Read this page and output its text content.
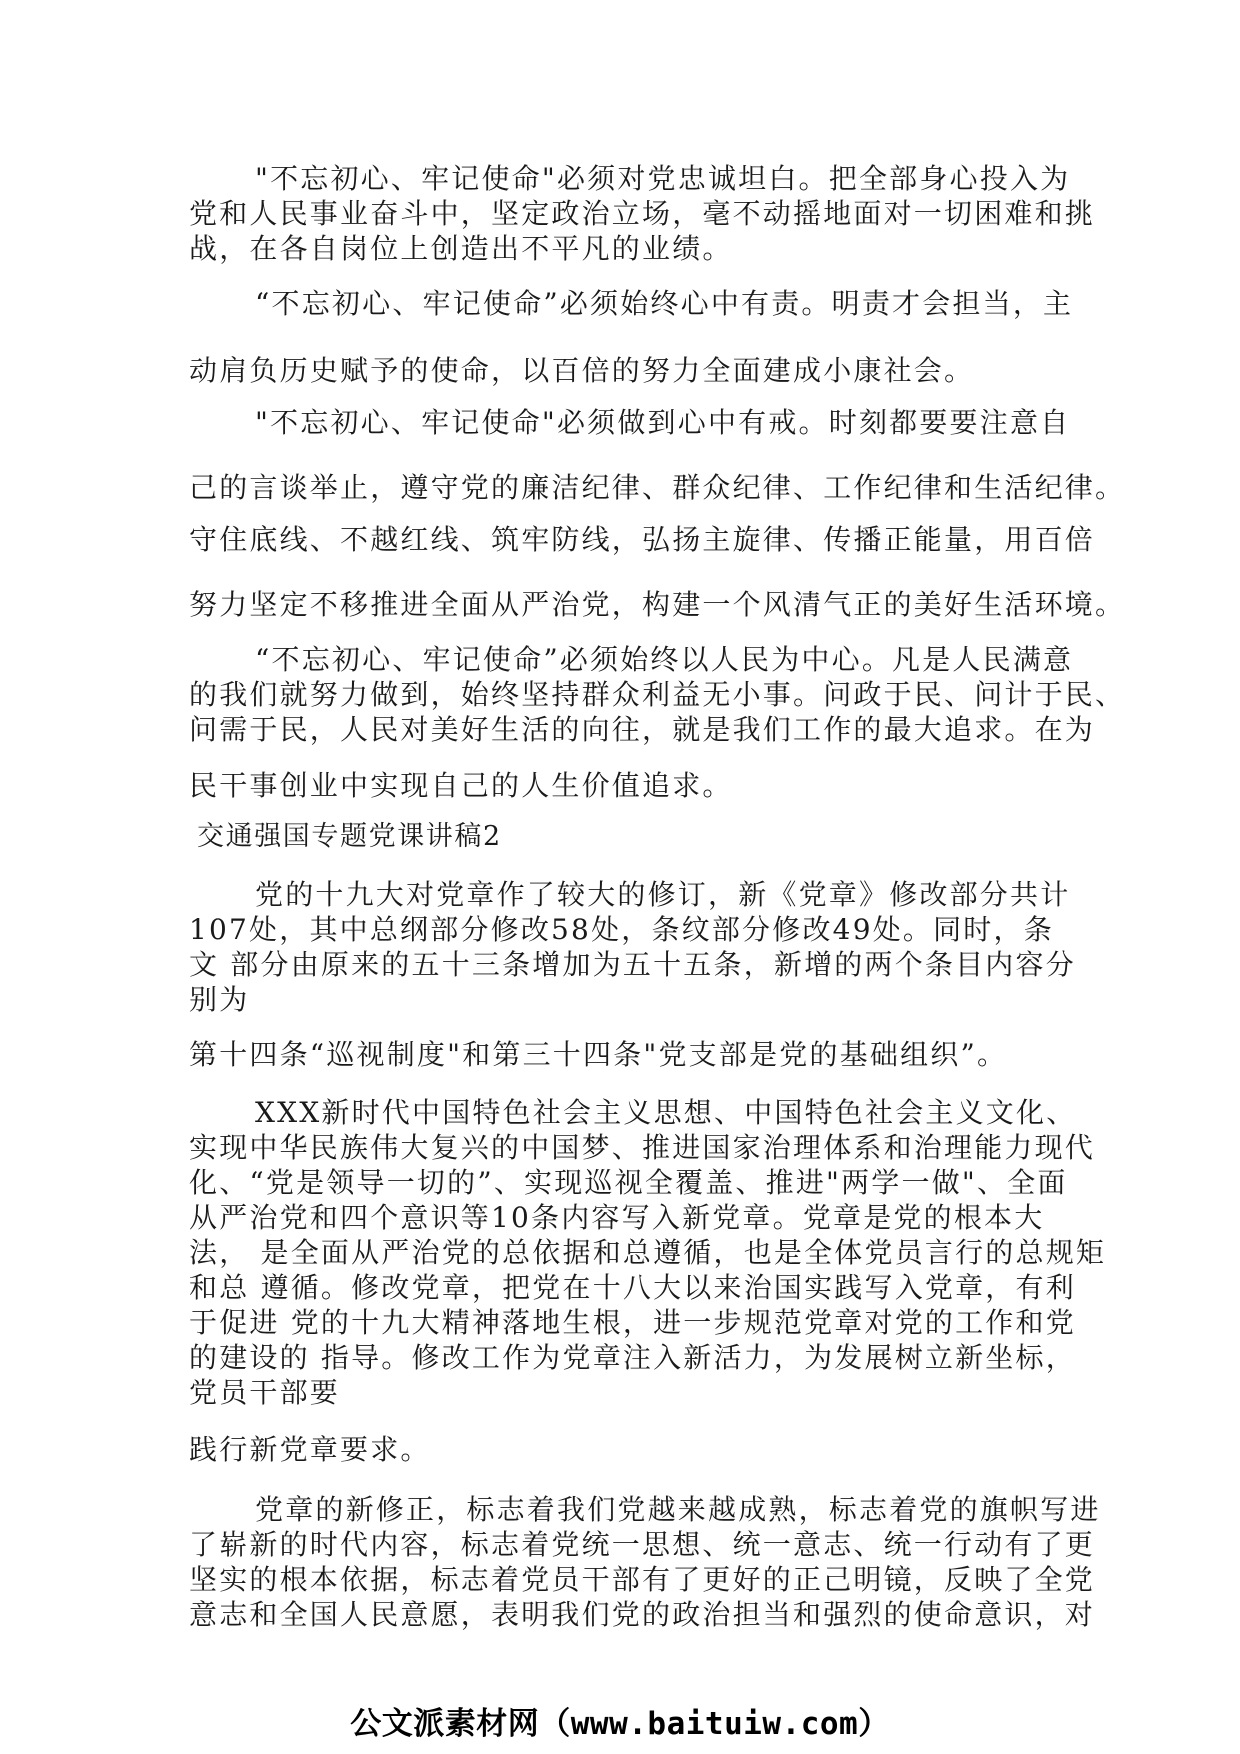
"不忘初心、牢记使命"必须对党忠诚坦白。把全部身心投入为
党和人民事业奋斗中，坚定政治立场，毫不动摇地面对一切困难和挑
战，在各自岗位上创造出不平凡的业绩。
“不忘初心、牢记使命”必须始终心中有责。明责才会担当，主
动肩负历史赋予的使命，以百倍的努力全面建成小康社会。
"不忘初心、牢记使命"必须做到心中有戒。时刻都要要注意自
己的言谈举止，遵守党的廉洁纪律、群众纪律、工作纪律和生活纪律。
守住底线、不越红线、筑牢防线，弘扬主旋律、传播正能量，用百倍
努力坚定不移推进全面从严治党，构建一个风清气正的美好生活环境。
“不忘初心、牢记使命”必须始终以人民为中心。凡是人民满意
的我们就努力做到，始终坚持群众利益无小事。问政于民、问计于民、
问需于民，人民对美好生活的向往，就是我们工作的最大追求。在为
民干事创业中实现自己的人生价值追求。
交通强国专题党课讲稿2
党的十九大对党章作了较大的修订，新《党章》修改部分共计
107处，其中总纲部分修改58处，条纹部分修改49处。同时，条
文 部分由原来的五十三条增加为五十五条，新增的两个条目内容分
别为
第十四条“巡视制度"和第三十四条"党支部是党的基础组织”。
XXX新时代中国特色社会主义思想、中国特色社会主义文化、
实现中华民族伟大复兴的中国梦、推进国家治理体系和治理能力现代
化、“党是领导一切的”、实现巡视全覆盖、推进"两学一做"、全面
从严治党和四个意识等10条内容写入新党章。党章是党的根本大
法， 是全面从严治党的总依据和总遵循，也是全体党员言行的总规矩
和总 遵循。修改党章，把党在十八大以来治国实践写入党章，有利
于促进 党的十九大精神落地生根，进一步规范党章对党的工作和党
的建设的 指导。修改工作为党章注入新活力，为发展树立新坐标，
党员干部要
践行新党章要求。
党章的新修正，标志着我们党越来越成熟，标志着党的旗帜写进
了崭新的时代内容，标志着党统一思想、统一意志、统一行动有了更
坚实的根本依据，标志着党员干部有了更好的正己明镜，反映了全党
意志和全国人民意愿，表明我们党的政治担当和强烈的使命意识，对
公文派素材网（www.baituiw.com）
